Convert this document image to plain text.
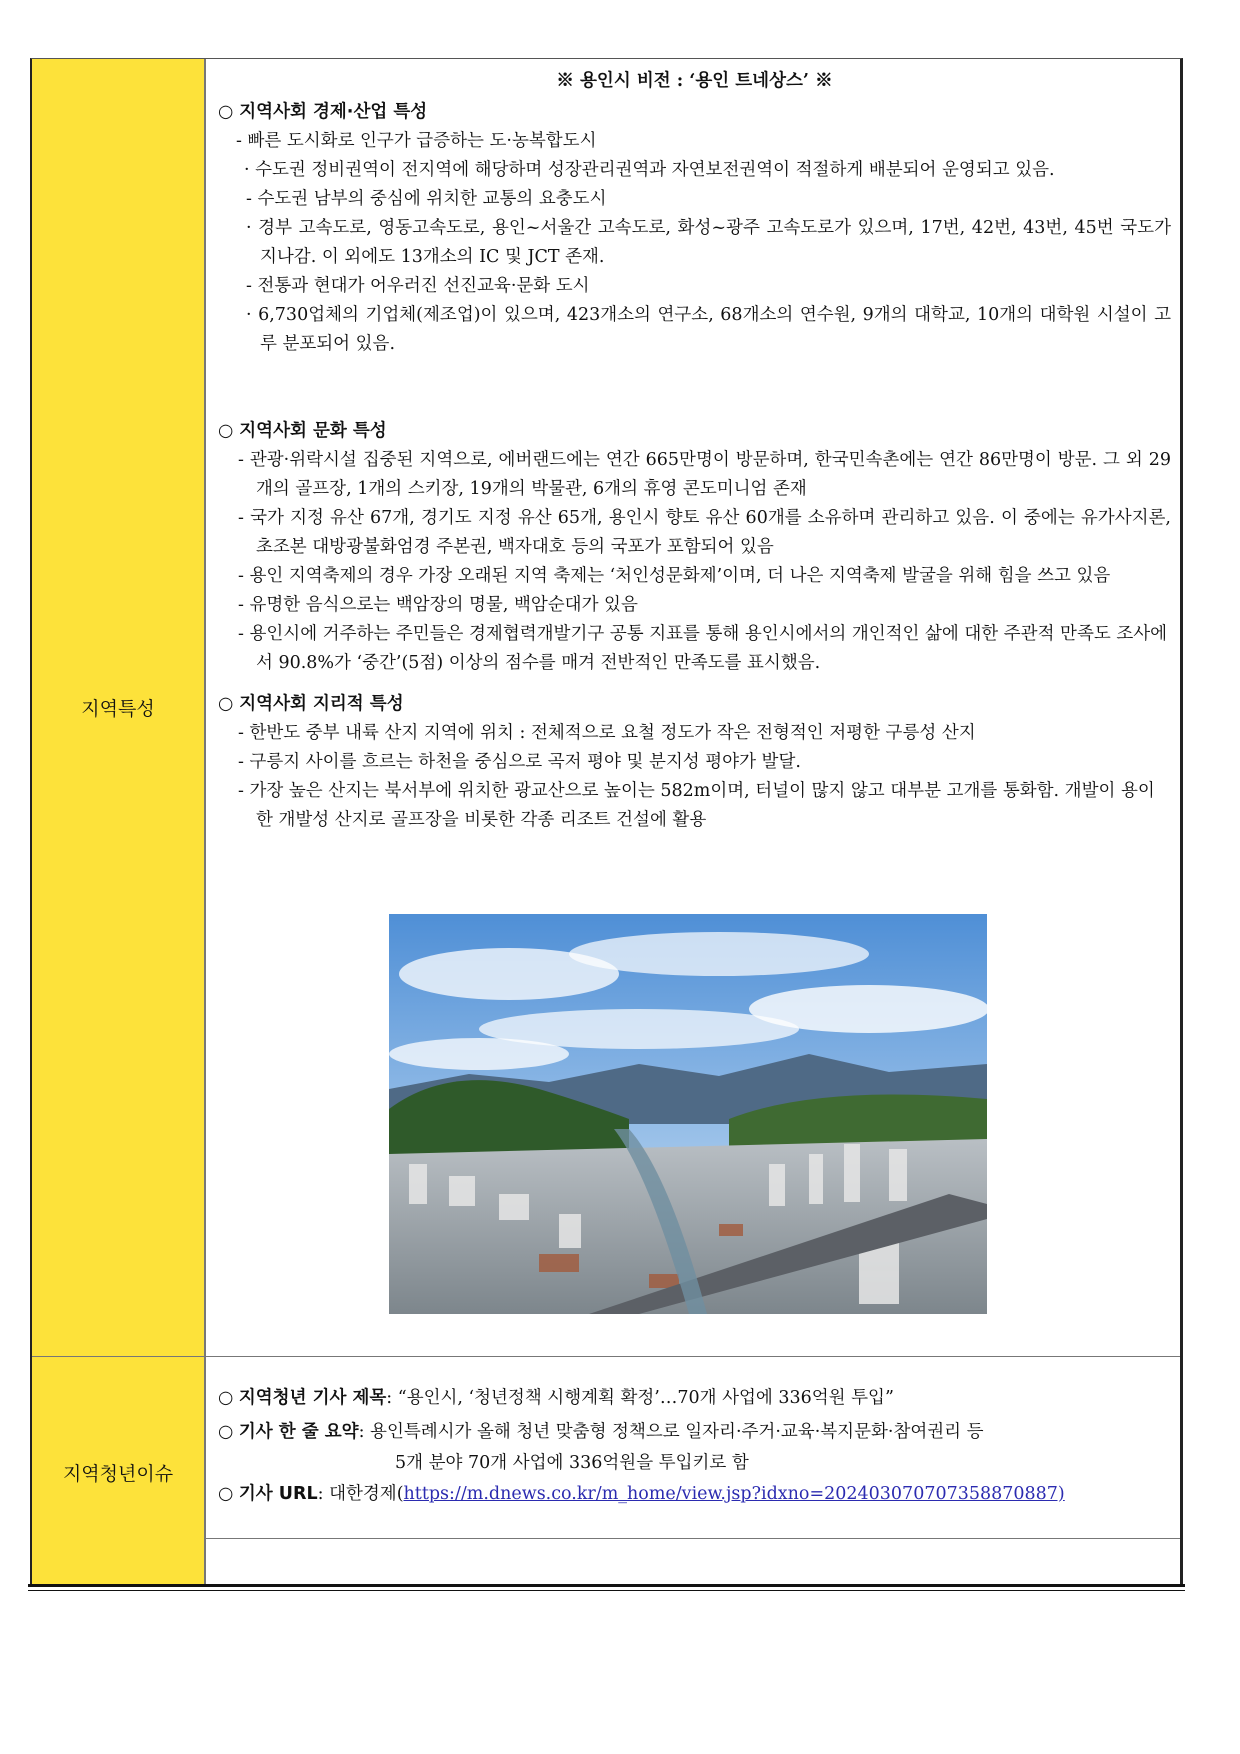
지역특성
※ 용인시 비전 : ‘용인 트네상스’ ※
○ 지역사회 경제·산업 특성
- 빠른 도시화로 인구가 급증하는 도·농복합도시
· 수도권 정비권역이 전지역에 해당하며 성장관리권역과 자연보전권역이 적절하게 배분되어 운영되고 있음.
- 수도권 남부의 중심에 위치한 교통의 요충도시
· 경부 고속도로, 영동고속도로, 용인~서울간 고속도로, 화성~광주 고속도로가 있으며, 17번, 42번, 43번, 45번 국도가 지나감. 이 외에도 13개소의 IC 및 JCT 존재.
- 전통과 현대가 어우러진 선진교육·문화 도시
· 6,730업체의 기업체(제조업)이 있으며, 423개소의 연구소, 68개소의 연수원, 9개의 대학교, 10개의 대학원 시설이 고루 분포되어 있음.
○ 지역사회 문화 특성
- 관광·위락시설 집중된 지역으로, 에버랜드에는 연간 665만명이 방문하며, 한국민속촌에는 연간 86만명이 방문. 그 외 29개의 골프장, 1개의 스키장, 19개의 박물관, 6개의 휴영 콘도미니엄 존재
- 국가 지정 유산 67개, 경기도 지정 유산 65개, 용인시 향토 유산 60개를 소유하며 관리하고 있음. 이 중에는 유가사지론, 초조본 대방광불화엄경 주본권, 백자대호 등의 국포가 포함되어 있음
- 용인 지역축제의 경우 가장 오래된 지역 축제는 ‘처인성문화제’이며, 더 나은 지역축제 발굴을 위해 힘을 쓰고 있음
- 유명한 음식으로는 백암장의 명물, 백암순대가 있음
- 용인시에 거주하는 주민들은 경제협력개발기구 공통 지표를 통해 용인시에서의 개인적인 삶에 대한 주관적 만족도 조사에서 90.8%가 ‘중간’(5점) 이상의 점수를 매겨 전반적인 만족도를 표시했음.
○ 지역사회 지리적 특성
- 한반도 중부 내륙 산지 지역에 위치 : 전체적으로 요철 정도가 작은 전형적인 저평한 구릉성 산지
- 구릉지 사이를 흐르는 하천을 중심으로 곡저 평야 및 분지성 평야가 발달.
- 가장 높은 산지는 북서부에 위치한 광교산으로 높이는 582m이며, 터널이 많지 않고 대부분 고개를 통화함. 개발이 용이한 개발성 산지로 골프장을 비롯한 각종 리조트 건설에 활용
지역청년이슈
○ 지역청년 기사 제목: “용인시, ‘청년정책 시행계획 확정’…70개 사업에 336억원 투입”
○ 기사 한 줄 요약: 용인특례시가 올해 청년 맞춤형 정책으로 일자리·주거·교육·복지문화·참여권리 등
5개 분야 70개 사업에 336억원을 투입키로 함
○ 기사 URL: 대한경제(https://m.dnews.co.kr/m_home/view.jsp?idxno=202403070707358870887)
